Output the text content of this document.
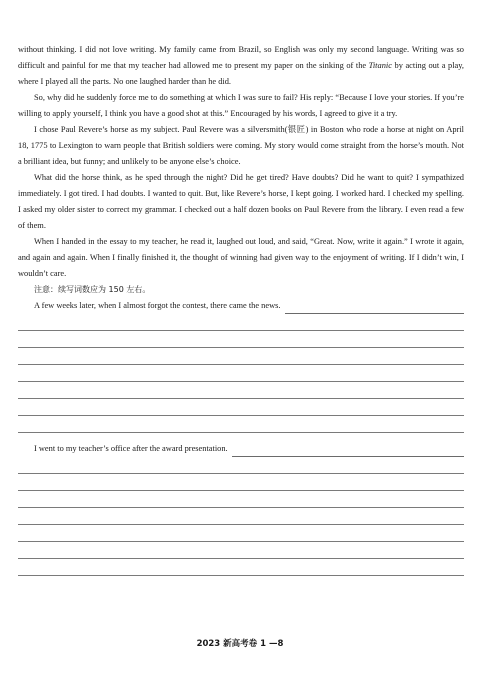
without thinking. I did not love writing. My family came from Brazil, so English was only my second language. Writing was so difficult and painful for me that my teacher had allowed me to present my paper on the sinking of the Titanic by acting out a play, where I played all the parts. No one laughed harder than he did.

So, why did he suddenly force me to do something at which I was sure to fail? His reply: “Because I love your stories. If you’re willing to apply yourself, I think you have a good shot at this.” Encouraged by his words, I agreed to give it a try.

I chose Paul Revere’s horse as my subject. Paul Revere was a silversmith(银匠) in Boston who rode a horse at night on April 18, 1775 to Lexington to warn people that British soldiers were coming. My story would come straight from the horse’s mouth. Not a brilliant idea, but funny; and unlikely to be anyone else’s choice.

What did the horse think, as he sped through the night? Did he get tired? Have doubts? Did he want to quit? I sympathized immediately. I got tired. I had doubts. I wanted to quit. But, like Revere’s horse, I kept going. I worked hard. I checked my spelling. I asked my older sister to correct my grammar. I checked out a half dozen books on Paul Revere from the library. I even read a few of them.

When I handed in the essay to my teacher, he read it, laughed out loud, and said, “Great. Now, write it again.” I wrote it again, and again and again. When I finally finished it, the thought of winning had given way to the enjoyment of writing. If I didn’t win, I wouldn’t care.

注意：续写词数应为 150 左右。

A few weeks later, when I almost forgot the contest, there came the news.
I went to my teacher’s office after the award presentation.
2023 新高考卷 1 —8
